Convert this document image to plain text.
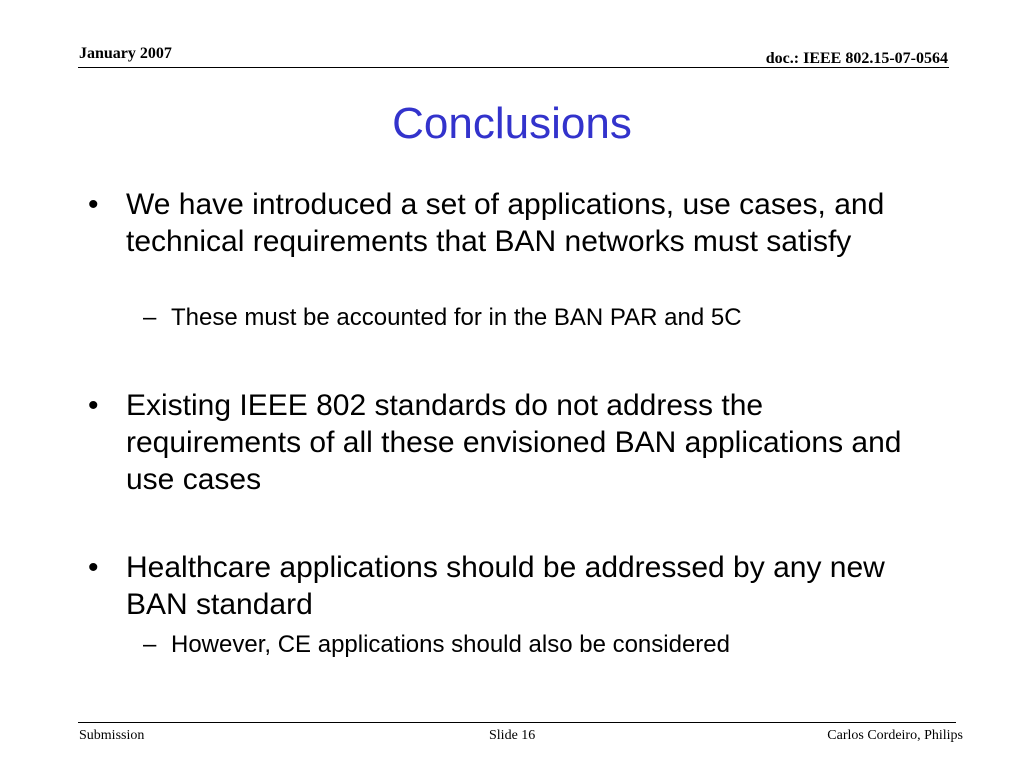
January 2007	doc.: IEEE 802.15-07-0564
Conclusions
• We have introduced a set of applications, use cases, and technical requirements that BAN networks must satisfy
– These must be accounted for in the BAN PAR and 5C
• Existing IEEE 802 standards do not address the requirements of all these envisioned BAN applications and use cases
• Healthcare applications should be addressed by any new BAN standard
– However, CE applications should also be considered
Submission	Slide 16	Carlos Cordeiro, Philips
